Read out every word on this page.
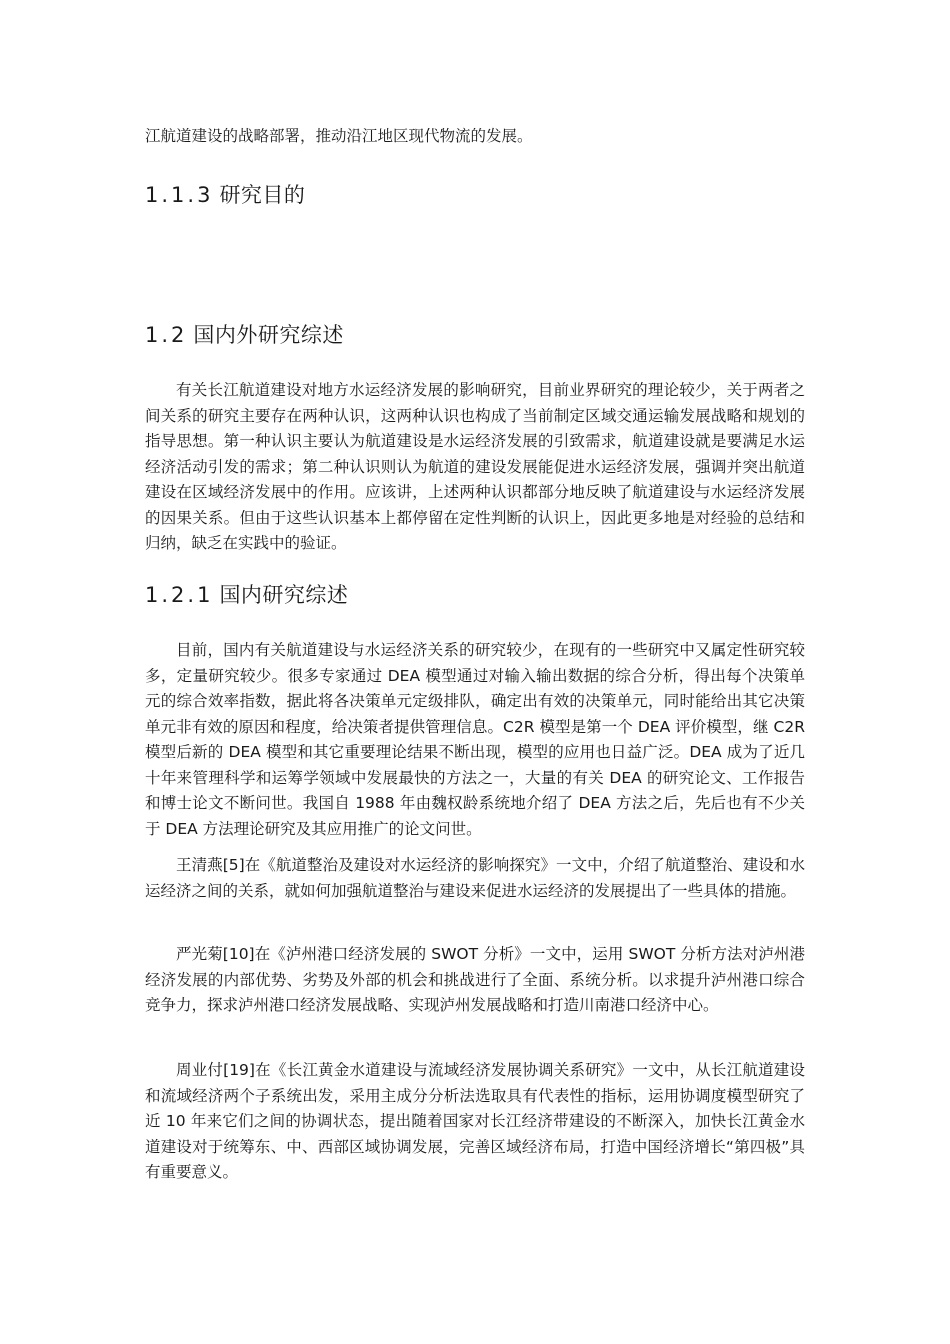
江航道建设的战略部署，推动沿江地区现代物流的发展。

1.1.3 研究目的
1.2 国内外研究综述

有关长江航道建设对地方水运经济发展的影响研究，目前业界研究的理论较少，关于两者之间关系的研究主要存在两种认识，这两种认识也构成了当前制定区域交通运输发展战略和规划的指导思想。第一种认识主要认为航道建设是水运经济发展的引致需求，航道建设就是要满足水运经济活动引发的需求；第二种认识则认为航道的建设发展能促进水运经济发展，强调并突出航道建设在区域经济发展中的作用。应该讲，上述两种认识都部分地反映了航道建设与水运经济发展的因果关系。但由于这些认识基本上都停留在定性判断的认识上，因此更多地是对经验的总结和归纳，缺乏在实践中的验证。

1.2.1 国内研究综述

目前，国内有关航道建设与水运经济关系的研究较少，在现有的一些研究中又属定性研究较多，定量研究较少。很多专家通过 DEA 模型通过对输入输出数据的综合分析，得出每个决策单元的综合效率指数，据此将各决策单元定级排队，确定出有效的决策单元，同时能给出其它决策单元非有效的原因和程度，给决策者提供管理信息。C2R 模型是第一个 DEA 评价模型，继 C2R 模型后新的 DEA 模型和其它重要理论结果不断出现，模型的应用也日益广泛。DEA 成为了近几十年来管理科学和运筹学领域中发展最快的方法之一，大量的有关 DEA 的研究论文、工作报告和博士论文不断问世。我国自 1988 年由魏权龄系统地介绍了 DEA 方法之后，先后也有不少关于 DEA 方法理论研究及其应用推广的论文问世。

王清燕[5]在《航道整治及建设对水运经济的影响探究》一文中，介绍了航道整治、建设和水运经济之间的关系，就如何加强航道整治与建设来促进水运经济的发展提出了一些具体的措施。

严光菊[10]在《泸州港口经济发展的 SWOT 分析》一文中，运用 SWOT 分析方法对泸州港经济发展的内部优势、劣势及外部的机会和挑战进行了全面、系统分析。以求提升泸州港口综合竞争力，探求泸州港口经济发展战略、实现泸州发展战略和打造川南港口经济中心。

周业付[19]在《长江黄金水道建设与流域经济发展协调关系研究》一文中，从长江航道建设和流域经济两个子系统出发，采用主成分分析法选取具有代表性的指标，运用协调度模型研究了近 10 年来它们之间的协调状态，提出随着国家对长江经济带建设的不断深入，加快长江黄金水道建设对于统筹东、中、西部区域协调发展，完善区域经济布局，打造中国经济增长“第四极”具有重要意义。
